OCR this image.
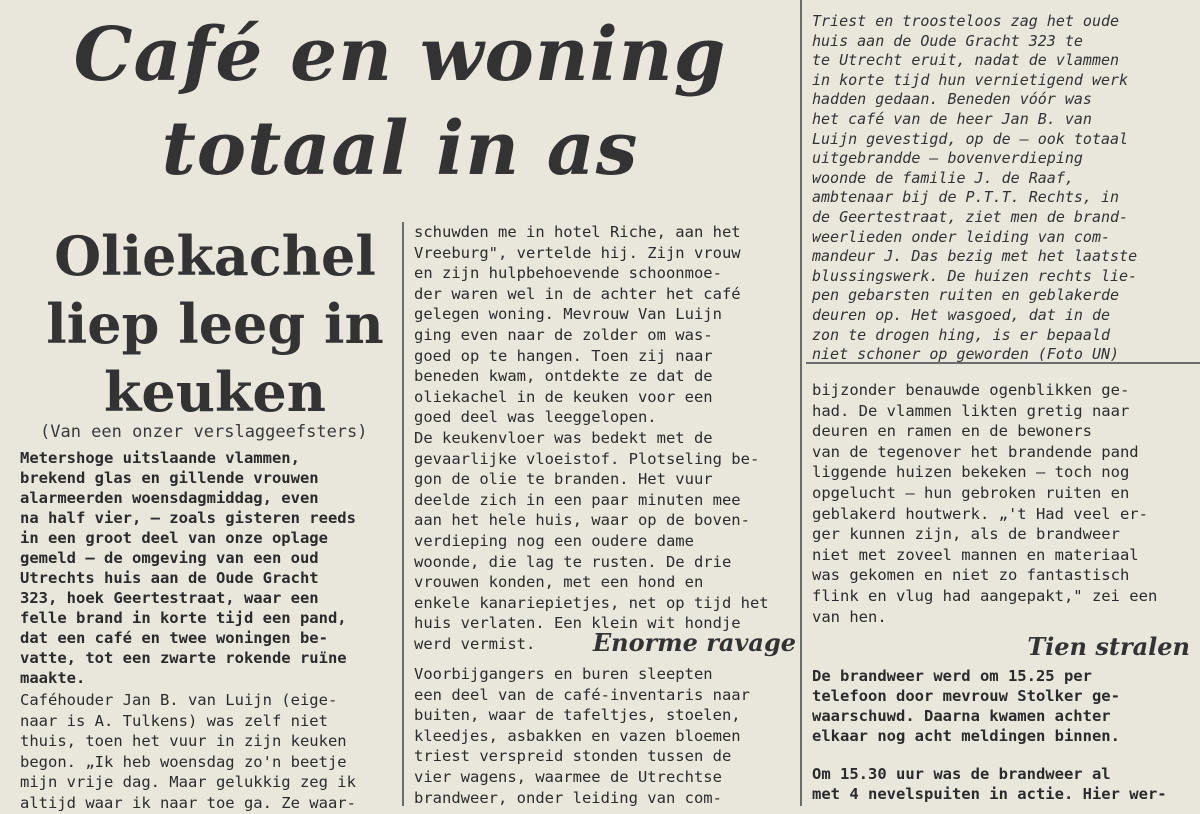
Café en woning
totaal in as
Oliekachel
liep leeg in
keuken
(Van een onzer verslaggeefsters)

Metershoge uitslaande vlammen,

brekend glas en gillende vrouwen

alarmeerden woensdagmiddag, even

na half vier, — zoals gisteren reeds

in een groot deel van onze oplage

gemeld — de omgeving van een oud

Utrechts huis aan de Oude Gracht

323, hoek Geertestraat, waar een

felle brand in korte tijd een pand,

dat een café en twee woningen be-

vatte, tot een zwarte rokende ruïne

maakte.

Caféhouder Jan B. van Luijn (eige-

naar is A. Tulkens) was zelf niet

thuis, toen het vuur in zijn keuken

begon. „Ik heb woensdag zo'n beetje

mijn vrije dag. Maar gelukkig zeg ik

altijd waar ik naar toe ga. Ze waar-

schuwden me in hotel Riche, aan het

Vreeburg", vertelde hij. Zijn vrouw

en zijn hulpbehoevende schoonmoe-

der waren wel in de achter het café

gelegen woning. Mevrouw Van Luijn

ging even naar de zolder om was-

goed op te hangen. Toen zij naar

beneden kwam, ontdekte ze dat de

oliekachel in de keuken voor een

goed deel was leeggelopen.

De keukenvloer was bedekt met de

gevaarlijke vloeistof. Plotseling be-

gon de olie te branden. Het vuur

deelde zich in een paar minuten mee

aan het hele huis, waar op de boven-

verdieping nog een oudere dame

woonde, die lag te rusten. De drie

vrouwen konden, met een hond en

enkele kanariepietjes, net op tijd het

huis verlaten. Een klein wit hondje

werd vermist.	Enorme ravage

Voorbijgangers en buren sleepten

een deel van de café-inventaris naar

buiten, waar de tafeltjes, stoelen,

kleedjes, asbakken en vazen bloemen

triest verspreid stonden tussen de

vier wagens, waarmee de Utrechtse

brandweer, onder leiding van com-

Triest en troosteloos zag het oude

huis aan de Oude Gracht 323 te

te Utrecht eruit, nadat de vlammen

in korte tijd hun vernietigend werk

hadden gedaan. Beneden vóór was

het café van de heer Jan B. van

Luijn gevestigd, op de — ook totaal

uitgebrandde — bovenverdieping

woonde de familie J. de Raaf,

ambtenaar bij de P.T.T. Rechts, in

de Geertestraat, ziet men de brand-

weerlieden onder leiding van com-

mandeur J. Das bezig met het laatste

blussingswerk. De huizen rechts lie-

pen gebarsten ruiten en geblakerde

deuren op. Het wasgoed, dat in de

zon te drogen hing, is er bepaald

niet schoner op geworden (Foto UN)

bijzonder benauwde ogenblikken ge-

had. De vlammen likten gretig naar

deuren en ramen en de bewoners

van de tegenover het brandende pand

liggende huizen bekeken — toch nog

opgelucht — hun gebroken ruiten en

geblakerd houtwerk. „'t Had veel er-

ger kunnen zijn, als de brandweer

niet met zoveel mannen en materiaal

was gekomen en niet zo fantastisch

flink en vlug had aangepakt," zei een

van hen.

Tien stralen

De brandweer werd om 15.25 per

telefoon door mevrouw Stolker ge-

waarschuwd. Daarna kwamen achter

elkaar nog acht meldingen binnen.

Om 15.30 uur was de brandweer al

met 4 nevelspuiten in actie. Hier wer-
